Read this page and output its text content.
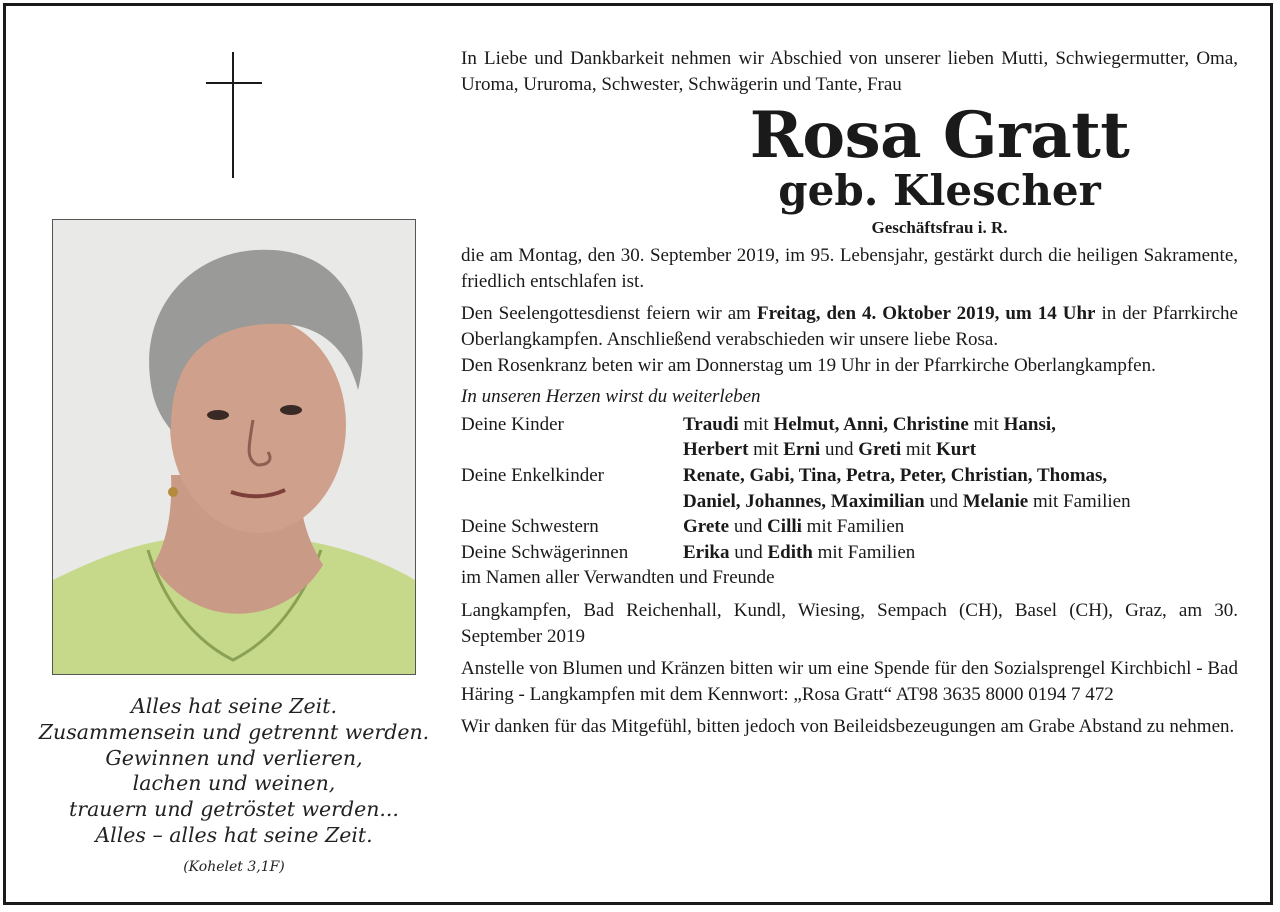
Alles hat seine Zeit.
Zusammensein und getrennt werden.
Gewinnen und verlieren,
lachen und weinen,
trauern und getröstet werden...
Alles – alles hat seine Zeit.
(Kohelet 3,1F)

In Liebe und Dankbarkeit nehmen wir Abschied von unserer lieben Mutti, Schwiegermutter, Oma, Uroma, Ururoma, Schwester, Schwägerin und Tante, Frau

Rosa Gratt
geb. Klescher
Geschäftsfrau i. R.

die am Montag, den 30. September 2019, im 95. Lebensjahr, gestärkt durch die heiligen Sakramente, friedlich entschlafen ist.

Den Seelengottesdienst feiern wir am Freitag, den 4. Oktober 2019, um 14 Uhr in der Pfarrkirche Oberlangkampfen. Anschließend verabschieden wir unsere liebe Rosa.

Den Rosenkranz beten wir am Donnerstag um 19 Uhr in der Pfarrkirche Oberlangkampfen.

In unseren Herzen wirst du weiterleben

Deine Kinder	Traudi mit Helmut, Anni, Christine mit Hansi,
Herbert mit Erni und Greti mit Kurt
Deine Enkelkinder	Renate, Gabi, Tina, Petra, Peter, Christian, Thomas,
Daniel, Johannes, Maximilian und Melanie mit Familien
Deine Schwestern	Grete und Cilli mit Familien
Deine Schwägerinnen	Erika und Edith mit Familien
im Namen aller Verwandten und Freunde	

Langkampfen, Bad Reichenhall, Kundl, Wiesing, Sempach (CH), Basel (CH), Graz, am 30. September 2019

Anstelle von Blumen und Kränzen bitten wir um eine Spende für den Sozialsprengel Kirchbichl - Bad Häring - Langkampfen mit dem Kennwort: „Rosa Gratt“ AT98 3635 8000 0194 7 472

Wir danken für das Mitgefühl, bitten jedoch von Beileidsbezeugungen am Grabe Abstand zu nehmen.
